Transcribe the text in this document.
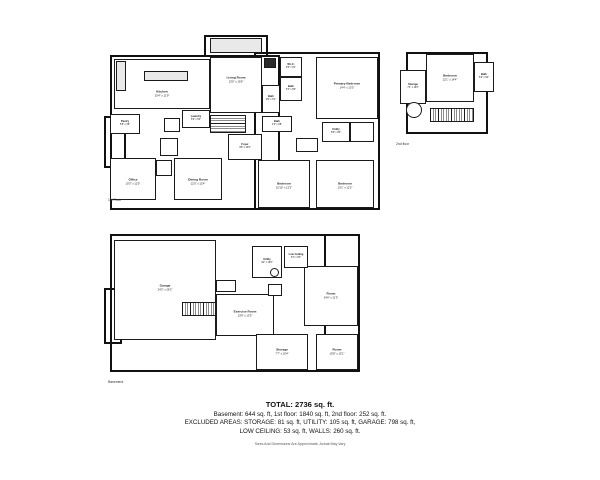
Kitchen
20'4" x 11'9"
Living Room
13'5" x 19'5"	Primary Bedroom
14'4" x 13'3"
W.I.C.
5'6" x 9'1"
Bath
5'4" x 8'0"
Bath
9'0" x 5'1"
Pantry
5'8" x 4'8"
Laundry
5'9" x 5'2"
Foyer
9'8" x 13'5"
Bath
4'9" x 9'8"
Utility
5'8" x 9'0"
Office
10'3" x 12'5"
Dining Room
12'5" x 12'4"	Bedroom
10'10" x 12'2"
Bedroom
13'1" x 12'2"
1st Floor
Bedroom
12'1" x 14'4"
Storage
7'4" x 10'0"
Bath
5'6" x 9'2"
2nd floor
Garage
24'2" x 26'3"
Exercise Room
13'9" x 13'3"
Room
24'6" x 11'3"
Storage
7'7" x 10'4"
Room
15'8" x 13'1"
Utility
9'2" x 10'5"
Low Ceiling
5'4" x 9'4"
Basement
TOTAL: 2736 sq. ft.
Basement: 644 sq. ft, 1st floor: 1840 sq. ft, 2nd floor: 252 sq. ft.
EXCLUDED AREAS: STORAGE: 81 sq. ft, UTILITY: 105 sq. ft, GARAGE: 798 sq. ft,
LOW CEILING: 53 sq. ft, WALLS: 260 sq. ft.
Sizes And Dimensions Are Approximate, Actual May Vary
